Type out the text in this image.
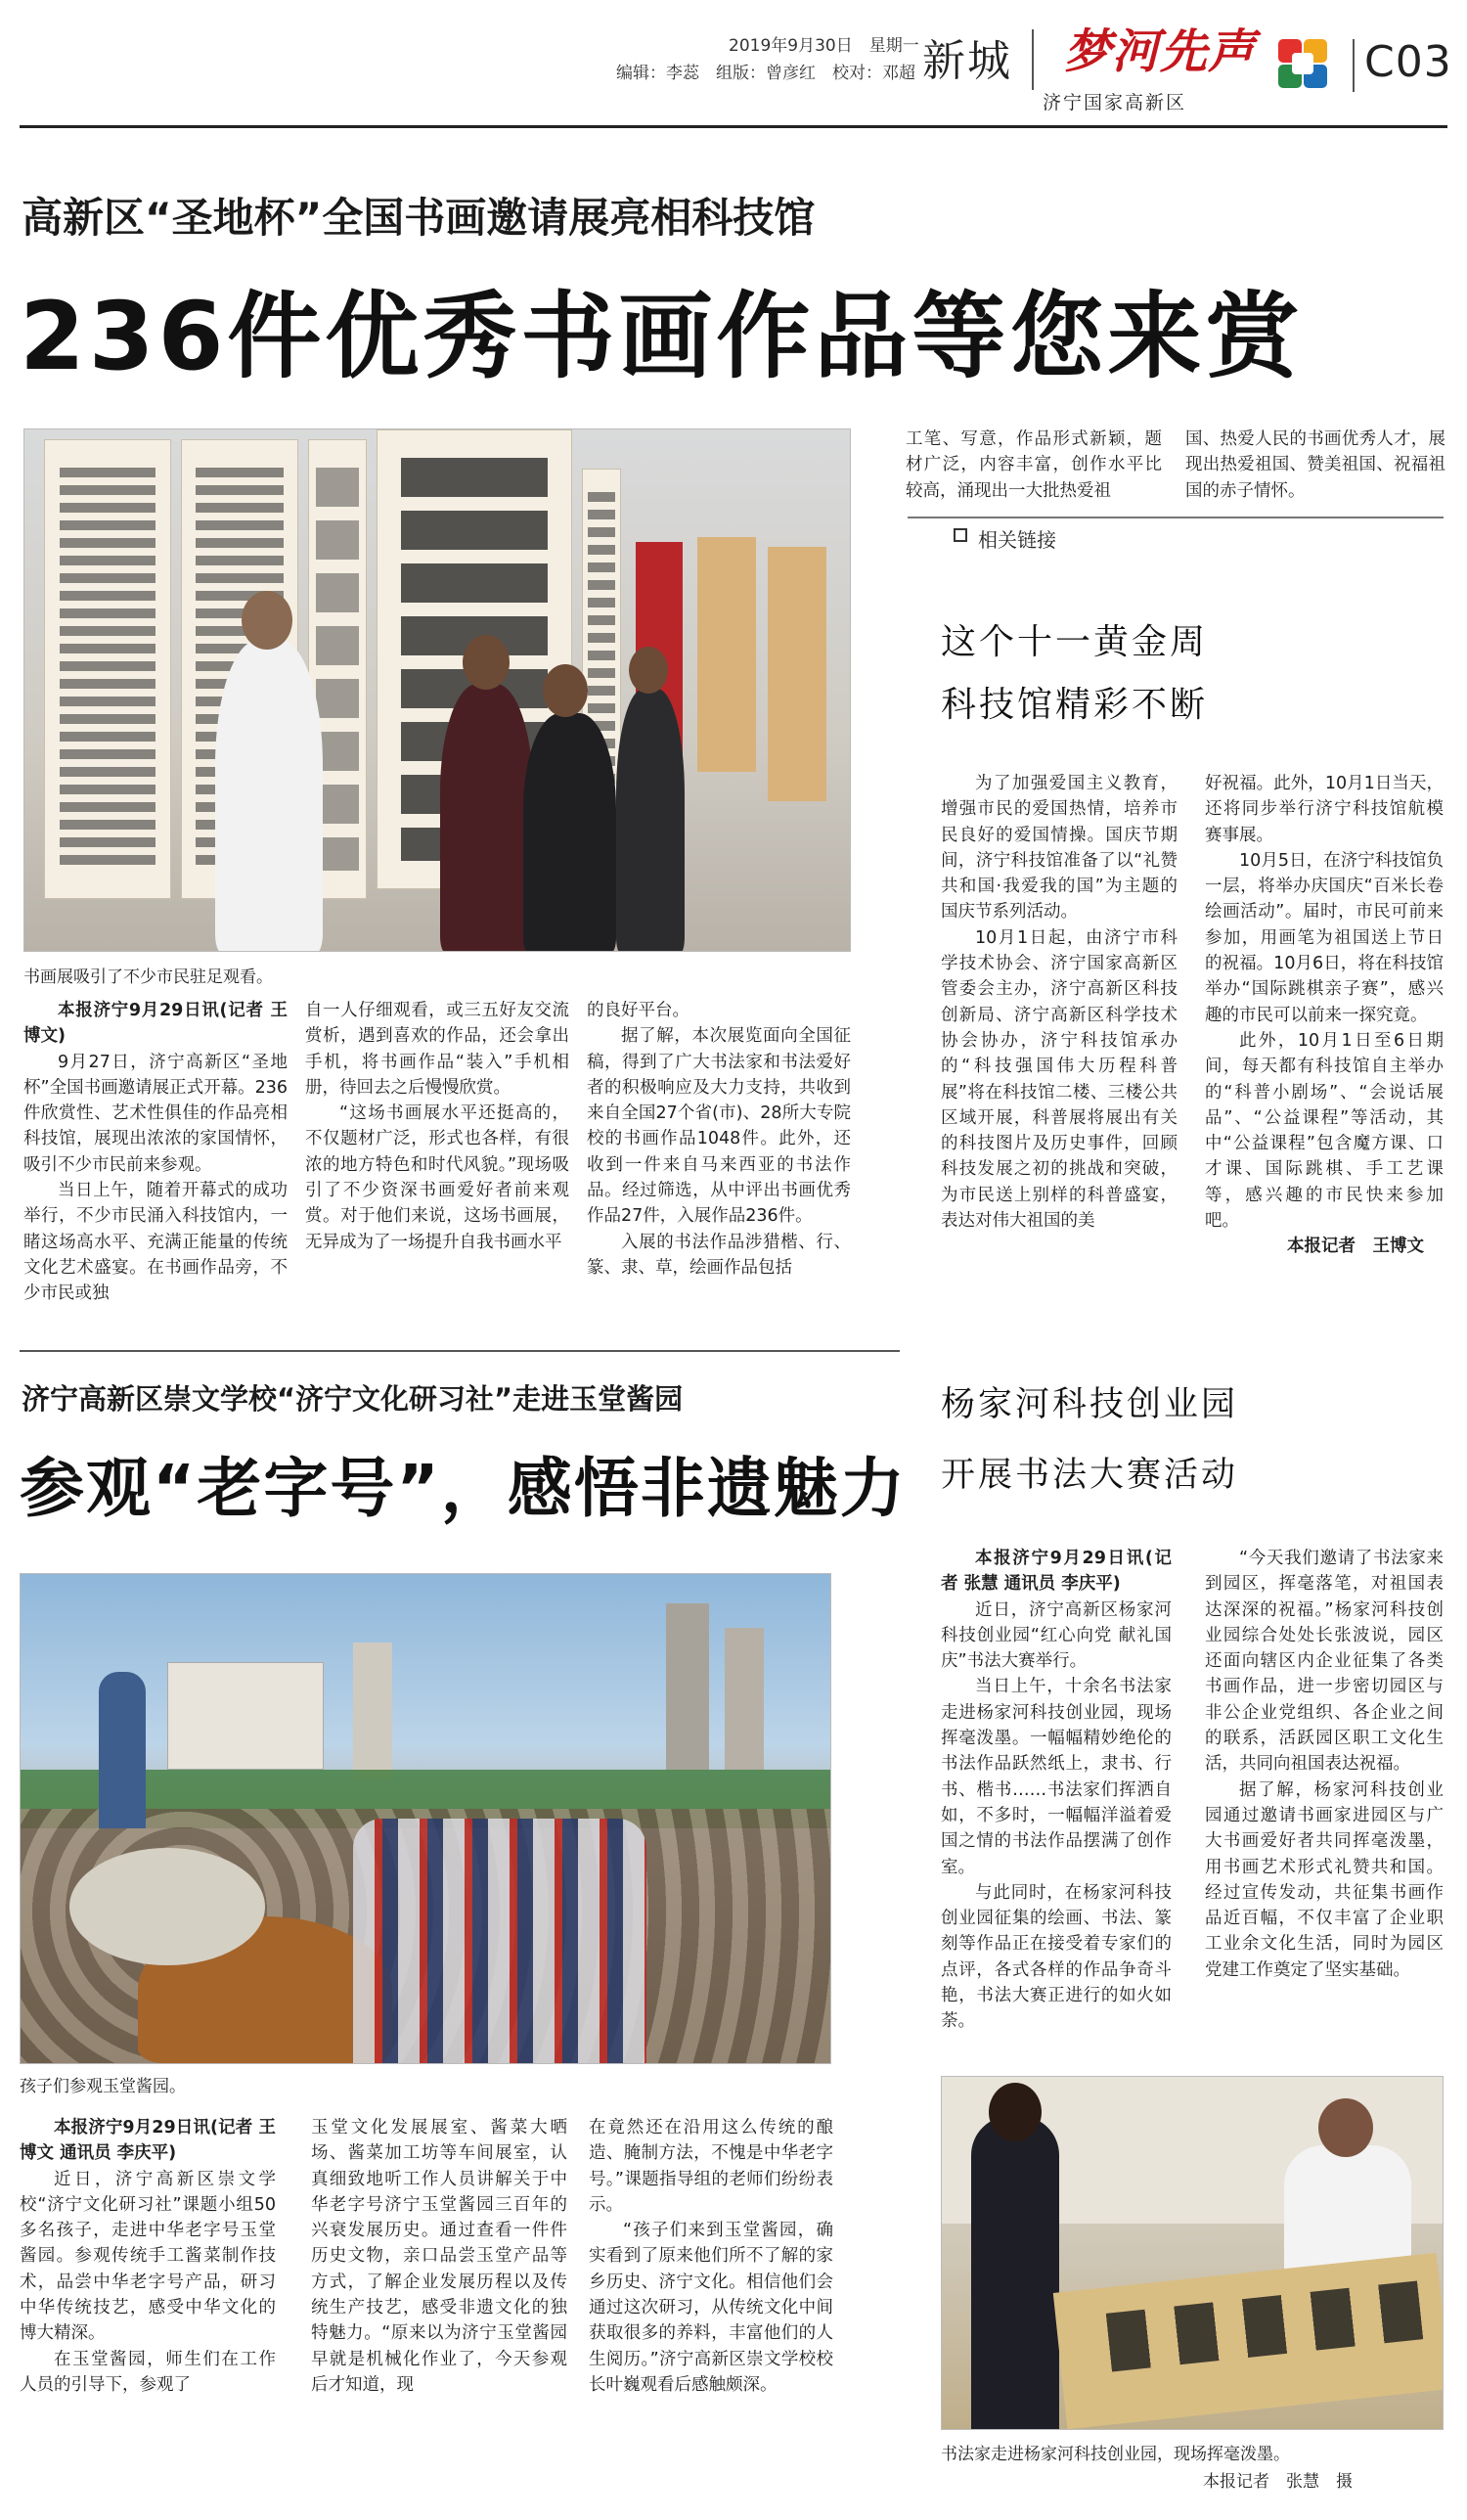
2019年9月30日　 星期一
编辑：李蕊　组版：曾彦红　校对：邓超 新城 梦河先声
济宁国家高新区
C03
高新区“圣地杯”全国书画邀请展亮相科技馆
236件优秀书画作品等您来赏
书画展吸引了不少市民驻足观看。

本报济宁9月29日讯(记者 王博文)

9月27日，济宁高新区“圣地杯”全国书画邀请展正式开幕。236件欣赏性、艺术性俱佳的作品亮相科技馆，展现出浓浓的家国情怀，吸引不少市民前来参观。

当日上午，随着开幕式的成功举行，不少市民涌入科技馆内，一睹这场高水平、充满正能量的传统文化艺术盛宴。在书画作品旁，不少市民或独

自一人仔细观看，或三五好友交流赏析，遇到喜欢的作品，还会拿出手机，将书画作品“装入”手机相册，待回去之后慢慢欣赏。

“这场书画展水平还挺高的，不仅题材广泛，形式也各样，有很浓的地方特色和时代风貌。”现场吸引了不少资深书画爱好者前来观赏。对于他们来说，这场书画展，无异成为了一场提升自我书画水平

的良好平台。

据了解，本次展览面向全国征稿，得到了广大书法家和书法爱好者的积极响应及大力支持，共收到来自全国27个省(市)、28所大专院校的书画作品1048件。此外，还收到一件来自马来西亚的书法作品。经过筛选，从中评出书画优秀作品27件，入展作品236件。

入展的书法作品涉猎楷、行、篆、隶、草，绘画作品包括

工笔、写意，作品形式新颖，题材广泛，内容丰富，创作水平比较高，涌现出一大批热爱祖

国、热爱人民的书画优秀人才，展现出热爱祖国、赞美祖国、祝福祖国的赤子情怀。

相关链接
这个十一黄金周
科技馆精彩不断

为了加强爱国主义教育，增强市民的爱国热情，培养市民良好的爱国情操。国庆节期间，济宁科技馆准备了以“礼赞共和国·我爱我的国”为主题的国庆节系列活动。

10月1日起，由济宁市科学技术协会、济宁国家高新区管委会主办，济宁高新区科技创新局、济宁高新区科学技术协会协办，济宁科技馆承办的“科技强国伟大历程科普展”将在科技馆二楼、三楼公共区域开展，科普展将展出有关的科技图片及历史事件，回顾科技发展之初的挑战和突破，为市民送上别样的科普盛宴，表达对伟大祖国的美

好祝福。此外，10月1日当天，还将同步举行济宁科技馆航模赛事展。

10月5日，在济宁科技馆负一层，将举办庆国庆“百米长卷绘画活动”。届时，市民可前来参加，用画笔为祖国送上节日的祝福。10月6日，将在科技馆举办“国际跳棋亲子赛”，感兴趣的市民可以前来一探究竟。

此外，10月1日至6日期间，每天都有科技馆自主举办的“科普小剧场”、“会说话展品”、“公益课程”等活动，其中“公益课程”包含魔方课、口才课、国际跳棋、手工艺课等，感兴趣的市民快来参加吧。

本报记者　王博文

济宁高新区崇文学校“济宁文化研习社”走进玉堂酱园
参观“老字号”，感悟非遗魅力
孩子们参观玉堂酱园。

本报济宁9月29日讯(记者 王博文 通讯员 李庆平)

近日，济宁高新区崇文学校“济宁文化研习社”课题小组50多名孩子，走进中华老字号玉堂酱园。参观传统手工酱菜制作技术，品尝中华老字号产品，研习中华传统技艺，感受中华文化的博大精深。

在玉堂酱园，师生们在工作人员的引导下，参观了

玉堂文化发展展室、酱菜大晒场、酱菜加工坊等车间展室，认真细致地听工作人员讲解关于中华老字号济宁玉堂酱园三百年的兴衰发展历史。通过查看一件件历史文物，亲口品尝玉堂产品等方式，了解企业发展历程以及传统生产技艺，感受非遗文化的独特魅力。“原来以为济宁玉堂酱园早就是机械化作业了，今天参观后才知道，现

在竟然还在沿用这么传统的酿造、腌制方法，不愧是中华老字号。”课题指导组的老师们纷纷表示。

“孩子们来到玉堂酱园，确实看到了原来他们所不了解的家乡历史、济宁文化。相信他们会通过这次研习，从传统文化中间获取很多的养料，丰富他们的人生阅历。”济宁高新区崇文学校校长叶巍观看后感触颇深。

杨家河科技创业园
开展书法大赛活动

本报济宁9月29日讯(记者 张慧 通讯员 李庆平)

近日，济宁高新区杨家河科技创业园“红心向党 献礼国庆”书法大赛举行。

当日上午，十余名书法家走进杨家河科技创业园，现场挥毫泼墨。一幅幅精妙绝伦的书法作品跃然纸上，隶书、行书、楷书……书法家们挥洒自如，不多时，一幅幅洋溢着爱国之情的书法作品摆满了创作室。

与此同时，在杨家河科技创业园征集的绘画、书法、篆刻等作品正在接受着专家们的点评，各式各样的作品争奇斗艳，书法大赛正进行的如火如荼。

“今天我们邀请了书法家来到园区，挥毫落笔，对祖国表达深深的祝福。”杨家河科技创业园综合处处长张波说，园区还面向辖区内企业征集了各类书画作品，进一步密切园区与非公企业党组织、各企业之间的联系，活跃园区职工文化生活，共同向祖国表达祝福。

据了解，杨家河科技创业园通过邀请书画家进园区与广大书画爱好者共同挥毫泼墨，用书画艺术形式礼赞共和国。经过宣传发动，共征集书画作品近百幅，不仅丰富了企业职工业余文化生活，同时为园区党建工作奠定了坚实基础。

书法家走进杨家河科技创业园，现场挥毫泼墨。
本报记者　张慧　摄
